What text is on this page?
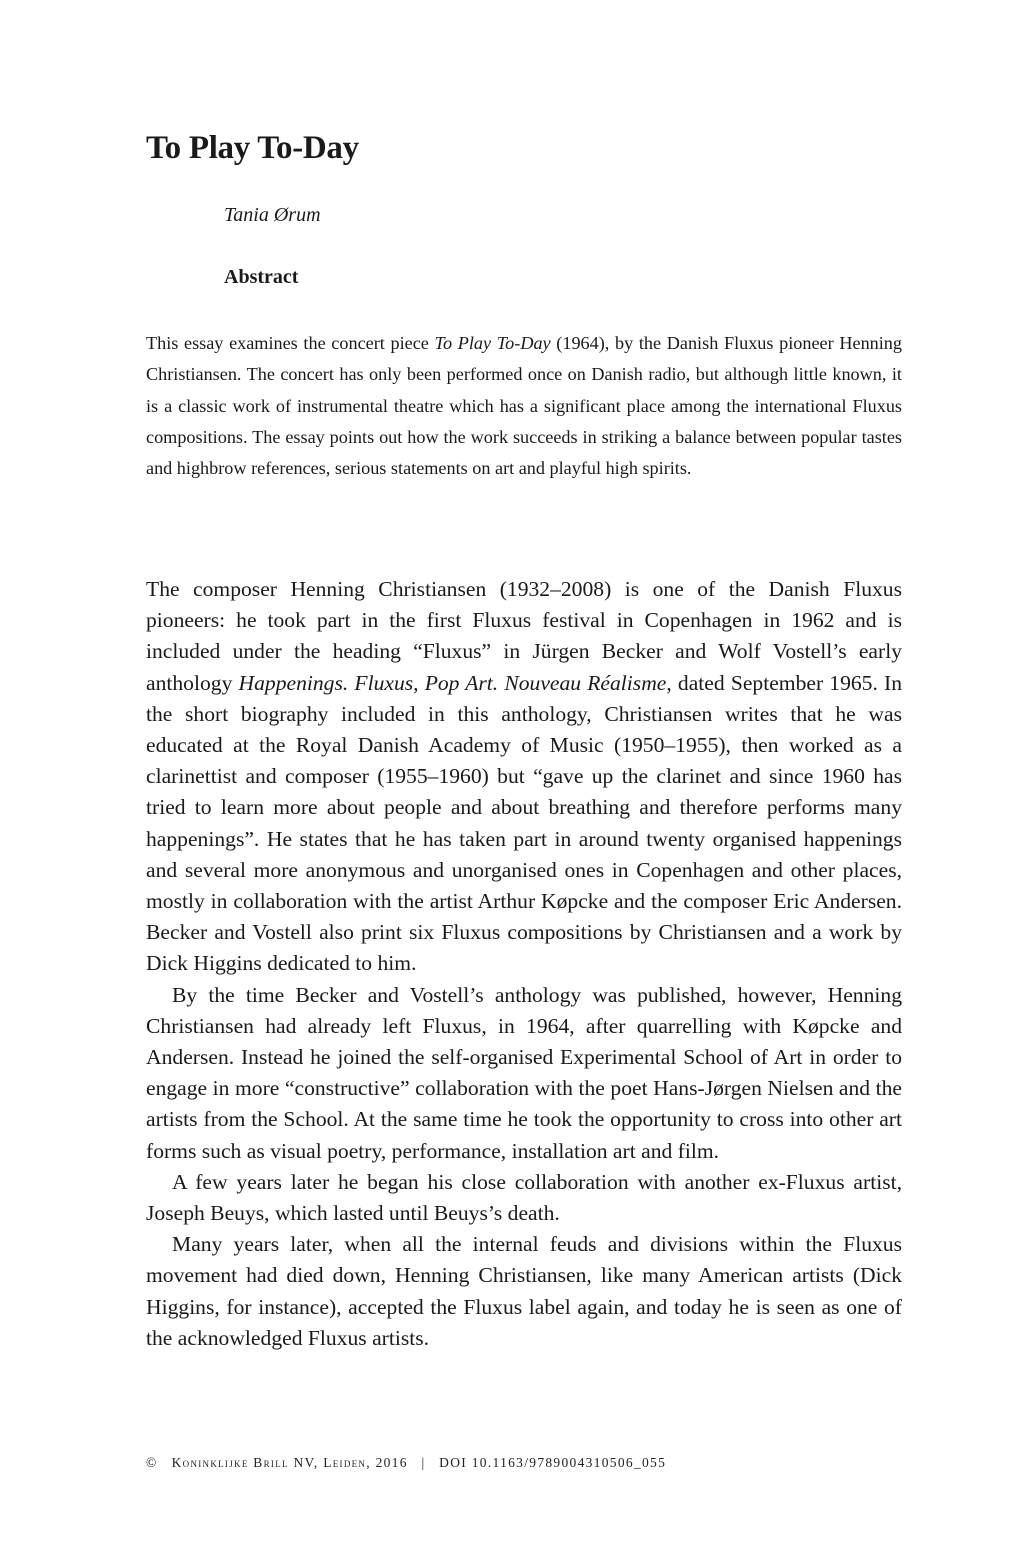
To Play To-Day
Tania Ørum
Abstract

This essay examines the concert piece To Play To-Day (1964), by the Danish Fluxus pioneer Henning Christiansen. The concert has only been performed once on Danish radio, but although little known, it is a classic work of instrumental theatre which has a significant place among the international Fluxus compositions. The essay points out how the work succeeds in striking a balance between popular tastes and highbrow references, serious statements on art and playful high spirits.

The composer Henning Christiansen (1932–2008) is one of the Danish Fluxus pioneers: he took part in the first Fluxus festival in Copenhagen in 1962 and is included under the heading “Fluxus” in Jürgen Becker and Wolf Vostell’s early anthology Happenings. Fluxus, Pop Art. Nouveau Réalisme, dated September 1965. In the short biography included in this anthology, Christiansen writes that he was educated at the Royal Danish Academy of Music (1950–1955), then worked as a clarinettist and composer (1955–1960) but “gave up the clarinet and since 1960 has tried to learn more about people and about breathing and therefore performs many happenings”. He states that he has taken part in around twenty organised happenings and several more anonymous and unorganised ones in Copenhagen and other places, mostly in collaboration with the artist Arthur Køpcke and the composer Eric Andersen. Becker and Vostell also print six Fluxus compositions by Christiansen and a work by Dick Higgins dedicated to him.

By the time Becker and Vostell’s anthology was published, however, Henning Christiansen had already left Fluxus, in 1964, after quarrelling with Køpcke and Andersen. Instead he joined the self-organised Experimental School of Art in order to engage in more “constructive” collaboration with the poet Hans-Jørgen Nielsen and the artists from the School. At the same time he took the opportunity to cross into other art forms such as visual poetry, performance, installation art and film.

A few years later he began his close collaboration with another ex-Fluxus artist, Joseph Beuys, which lasted until Beuys’s death.

Many years later, when all the internal feuds and divisions within the Fluxus movement had died down, Henning Christiansen, like many American artists (Dick Higgins, for instance), accepted the Fluxus label again, and today he is seen as one of the acknowledged Fluxus artists.

© Koninklijke Brill NV, Leiden, 2016 | DOI 10.1163/9789004310506_055
